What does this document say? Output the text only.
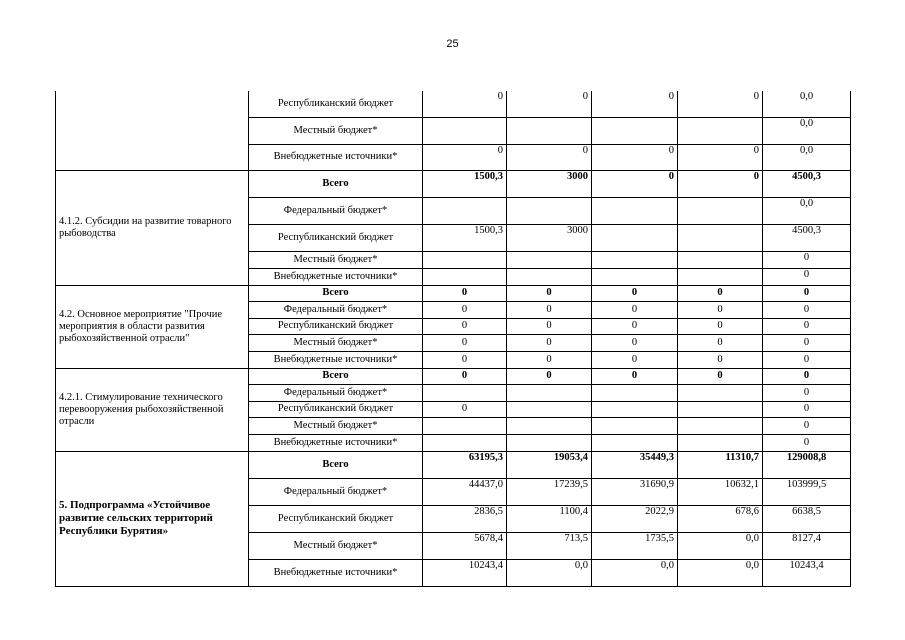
25
	Республиканский бюджет	0	0	0	0	0,0
	Местный бюджет*					0,0
	Внебюджетные источники*	0	0	0	0	0,0
4.1.2. Субсидии на развитие товарного рыбоводства	Всего	1500,3	3000	0	0	4500,3
	Федеральный бюджет*					0,0
	Республиканский бюджет	1500,3	3000			4500,3
	Местный бюджет*					0
	Внебюджетные источники*					0
4.2. Основное мероприятие "Прочие мероприятия в области развития рыбохозяйственной отрасли"	Всего	0	0	0	0	0
	Федеральный бюджет*	0	0	0	0	0
	Республиканский бюджет	0	0	0	0	0
	Местный бюджет*	0	0	0	0	0
	Внебюджетные источники*	0	0	0	0	0
4.2.1. Стимулирование технического перевооружения рыбохозяйственной отрасли	Всего	0	0	0	0	0
	Федеральный бюджет*					0
	Республиканский бюджет	0				0
	Местный бюджет*					0
	Внебюджетные источники*					0
5. Подпрограмма «Устойчивое развитие сельских территорий Республики Бурятия»	Всего	63195,3	19053,4	35449,3	11310,7	129008,8
	Федеральный бюджет*	44437,0	17239,5	31690,9	10632,1	103999,5
	Республиканский бюджет	2836,5	1100,4	2022,9	678,6	6638,5
	Местный бюджет*	5678,4	713,5	1735,5	0,0	8127,4
	Внебюджетные источники*	10243,4	0,0	0,0	0,0	10243,4
